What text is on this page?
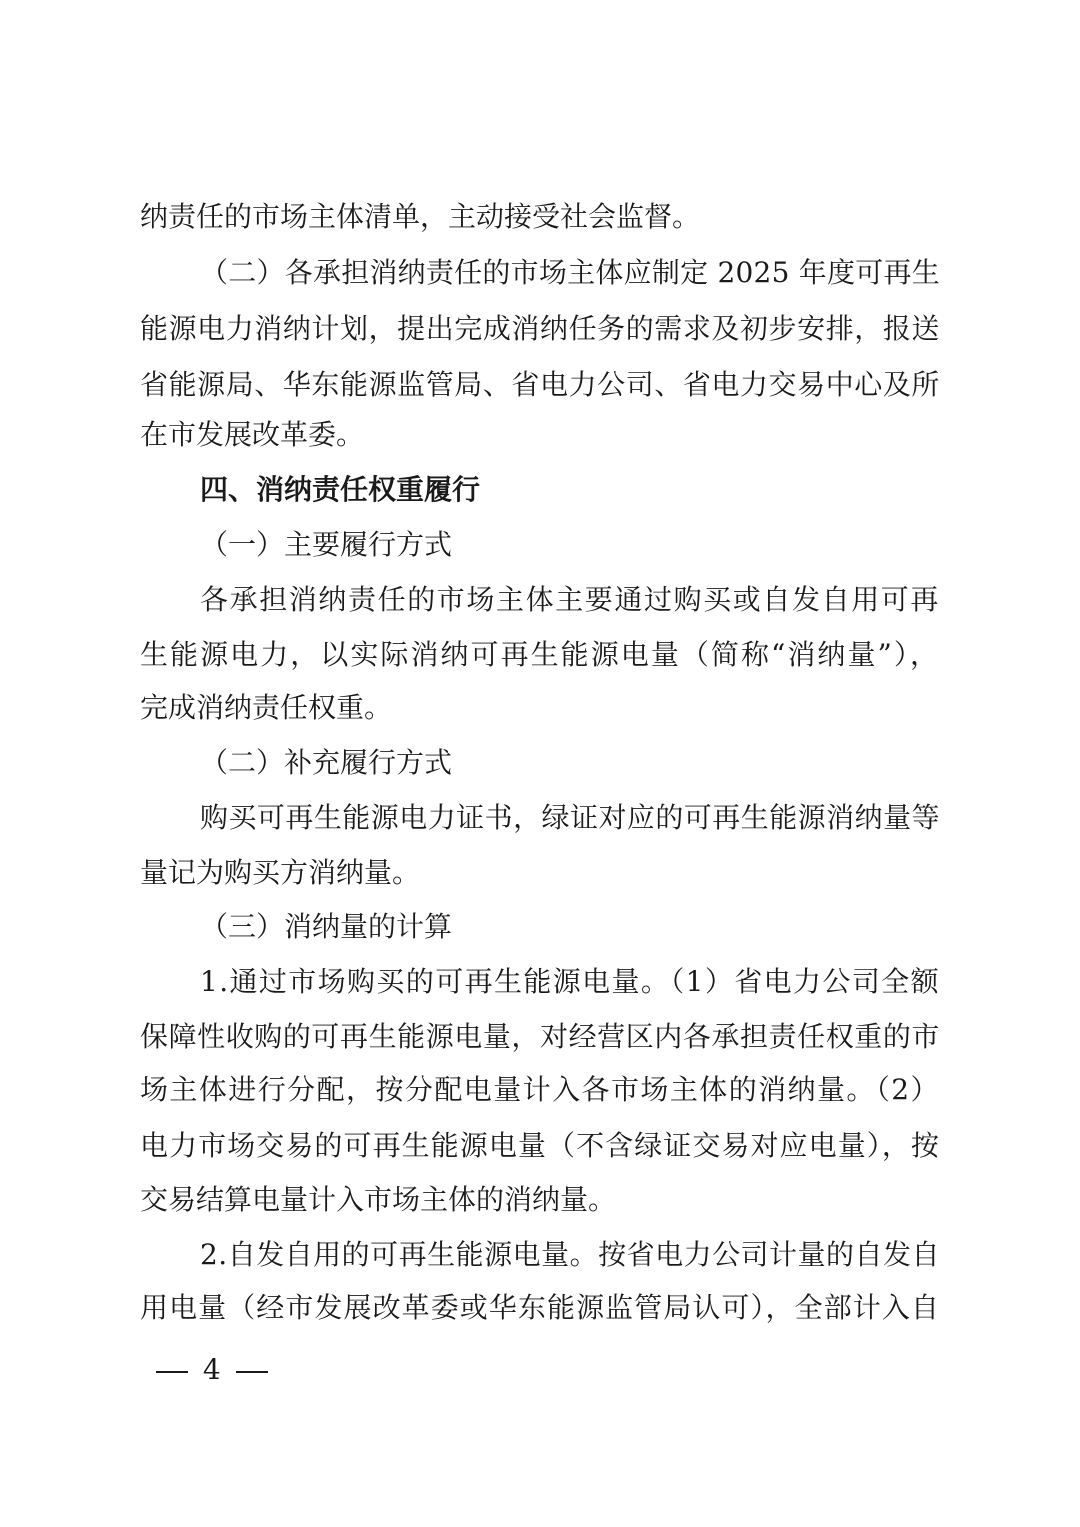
纳责任的市场主体清单，主动接受社会监督。
（二）各承担消纳责任的市场主体应制定 2025 年度可再生
能源电力消纳计划，提出完成消纳任务的需求及初步安排，报送
省能源局、华东能源监管局、省电力公司、省电力交易中心及所
在市发展改革委。
四、消纳责任权重履行
（一）主要履行方式
各承担消纳责任的市场主体主要通过购买或自发自用可再
生能源电力，以实际消纳可再生能源电量（简称“消纳量”），
完成消纳责任权重。
（二）补充履行方式
购买可再生能源电力证书，绿证对应的可再生能源消纳量等
量记为购买方消纳量。
（三）消纳量的计算
1.通过市场购买的可再生能源电量。（1）省电力公司全额
保障性收购的可再生能源电量，对经营区内各承担责任权重的市
场主体进行分配，按分配电量计入各市场主体的消纳量。（2）
电力市场交易的可再生能源电量（不含绿证交易对应电量），按
交易结算电量计入市场主体的消纳量。
2.自发自用的可再生能源电量。按省电力公司计量的自发自
用电量（经市发展改革委或华东能源监管局认可），全部计入自
4
